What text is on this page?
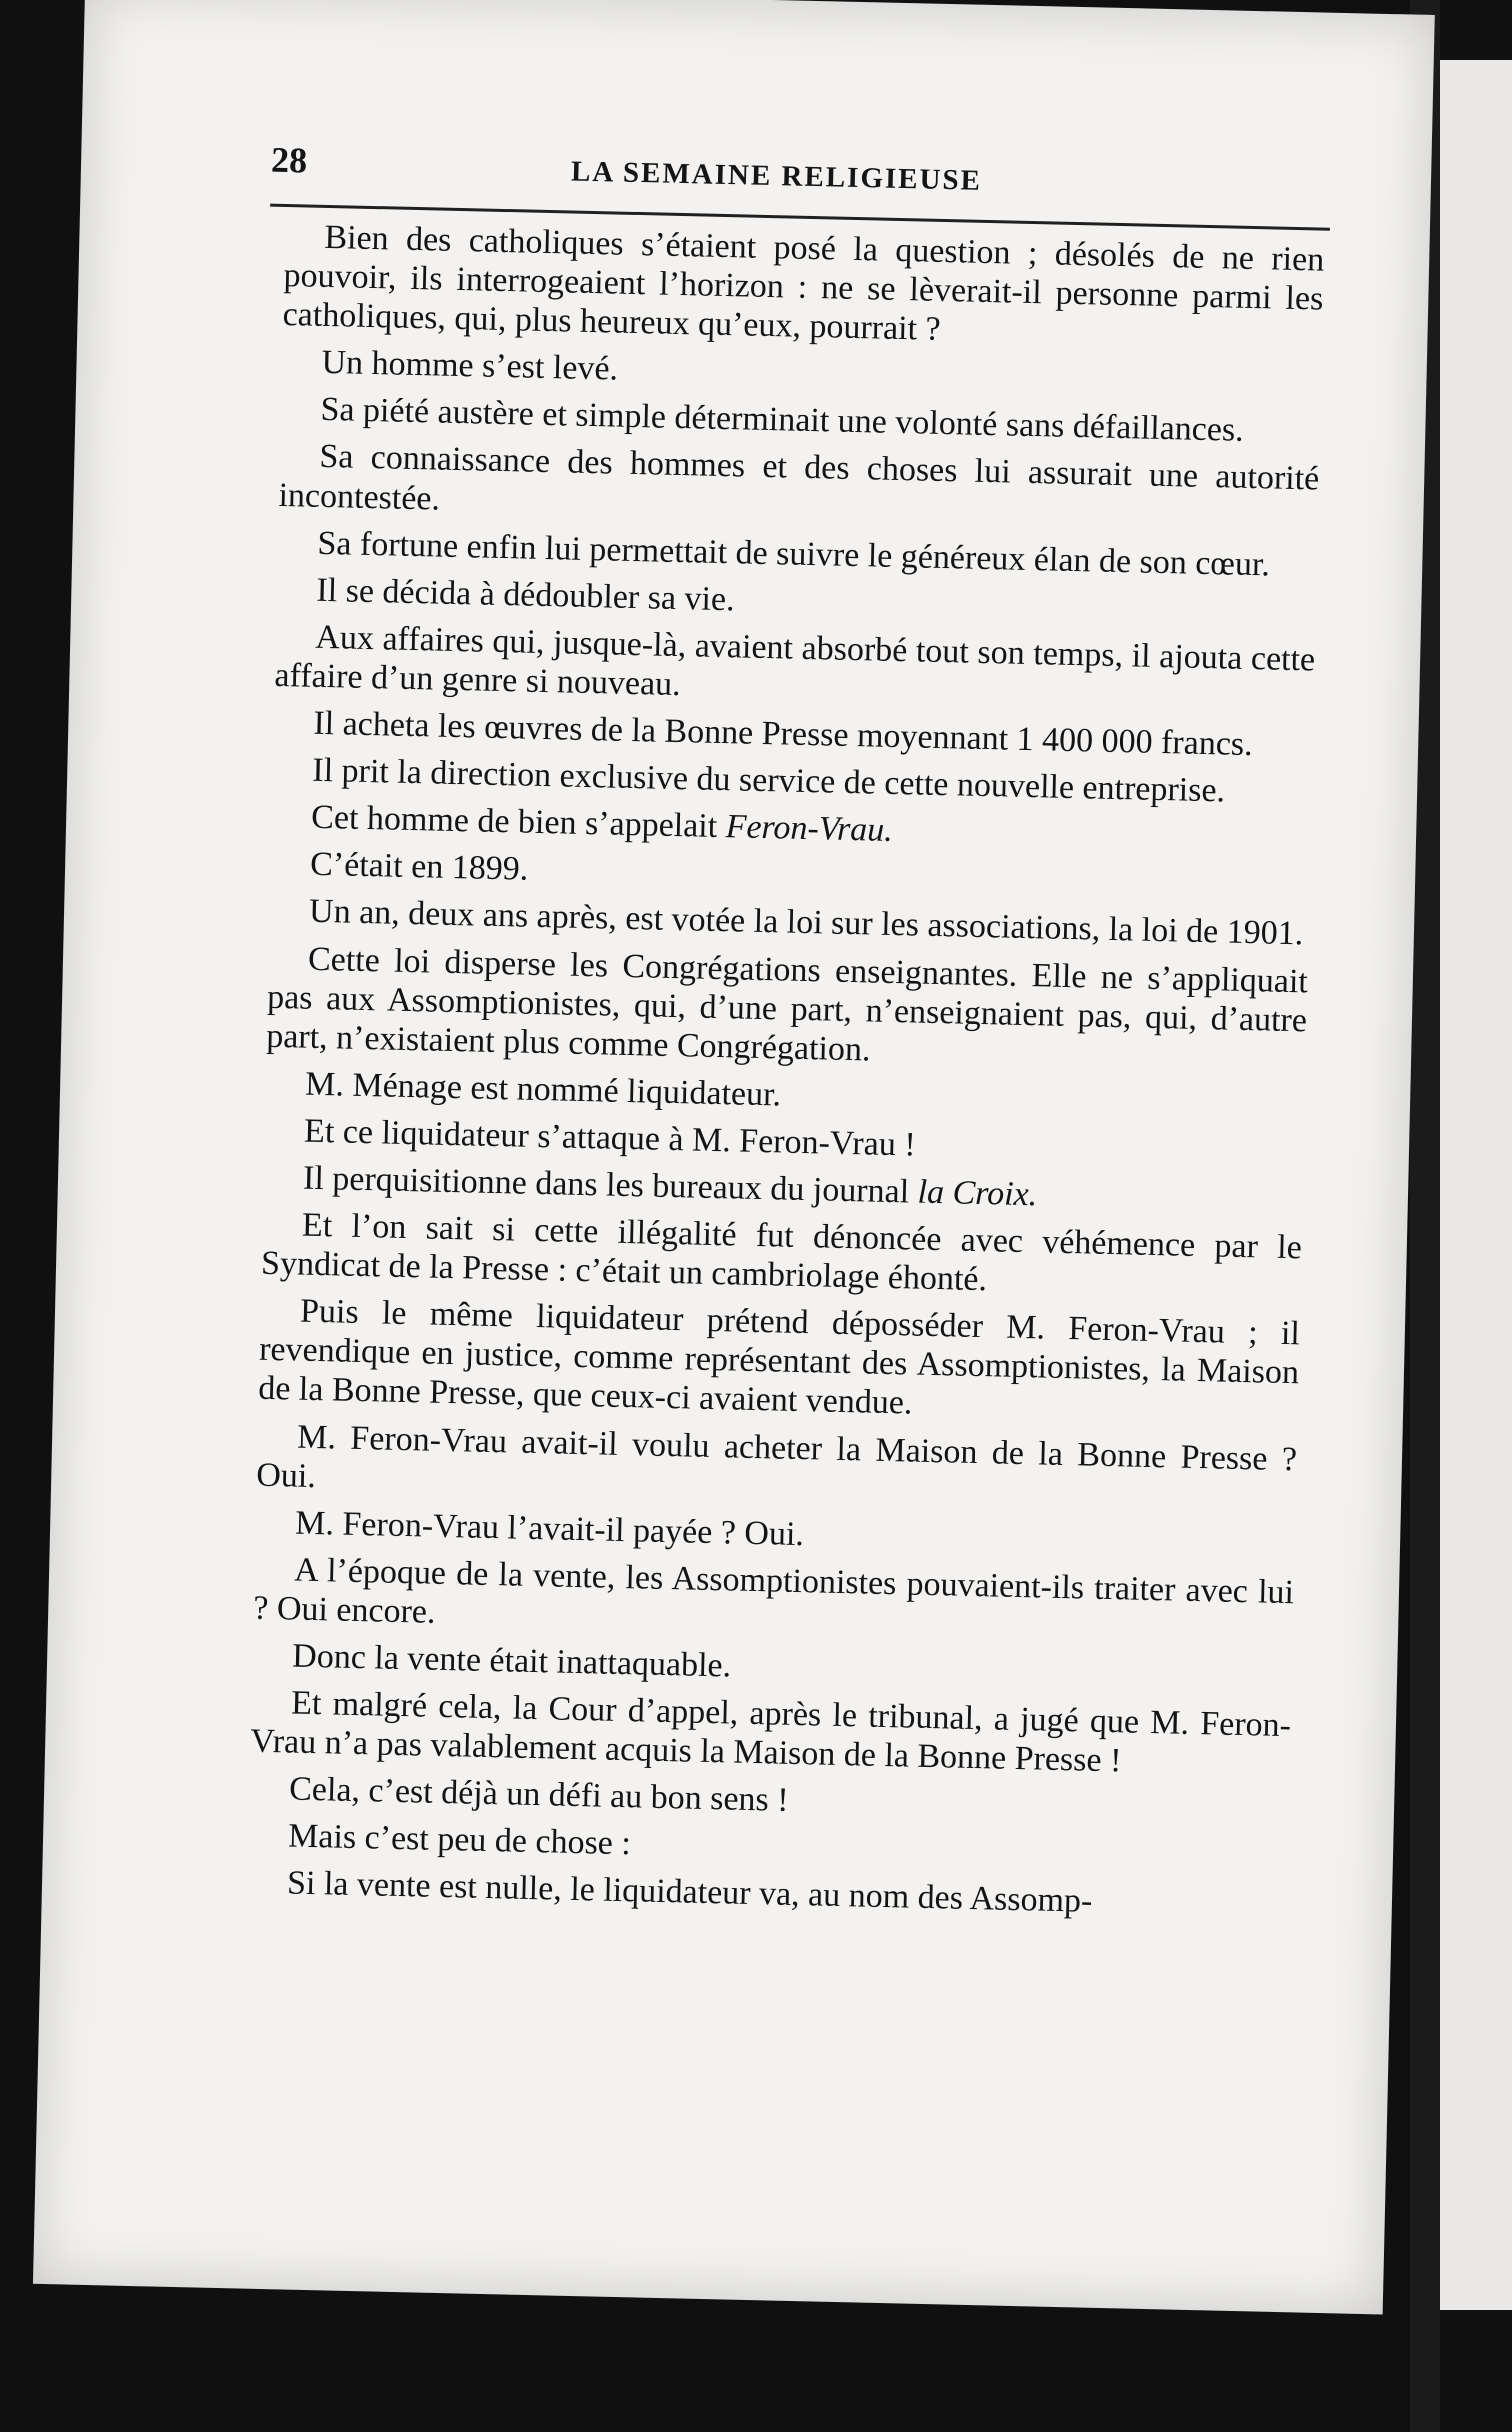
28	LA SEMAINE RELIGIEUSE

Bien des catholiques s’étaient posé la question ; désolés de ne rien pouvoir, ils interrogeaient l’horizon : ne se lèverait-il personne parmi les catholiques, qui, plus heureux qu’eux, pourrait ?

Un homme s’est levé.

Sa piété austère et simple déterminait une volonté sans défaillances.

Sa connaissance des hommes et des choses lui assurait une autorité incontestée.

Sa fortune enfin lui permettait de suivre le généreux élan de son cœur.

Il se décida à dédoubler sa vie.

Aux affaires qui, jusque-là, avaient absorbé tout son temps, il ajouta cette affaire d’un genre si nouveau.

Il acheta les œuvres de la Bonne Presse moyennant 1 400 000 francs.

Il prit la direction exclusive du service de cette nouvelle entreprise.

Cet homme de bien s’appelait Feron-Vrau.

C’était en 1899.

Un an, deux ans après, est votée la loi sur les associations, la loi de 1901.

Cette loi disperse les Congrégations enseignantes. Elle ne s’appliquait pas aux Assomptionistes, qui, d’une part, n’enseignaient pas, qui, d’autre part, n’existaient plus comme Congrégation.

M. Ménage est nommé liquidateur.

Et ce liquidateur s’attaque à M. Feron-Vrau !

Il perquisitionne dans les bureaux du journal la Croix.

Et l’on sait si cette illégalité fut dénoncée avec véhémence par le Syndicat de la Presse : c’était un cambriolage éhonté.

Puis le même liquidateur prétend déposséder M. Feron-Vrau ; il revendique en justice, comme représentant des Assomptionistes, la Maison de la Bonne Presse, que ceux-ci avaient vendue.

M. Feron-Vrau avait-il voulu acheter la Maison de la Bonne Presse ? Oui.

M. Feron-Vrau l’avait-il payée ? Oui.

A l’époque de la vente, les Assomptionistes pouvaient-ils traiter avec lui ? Oui encore.

Donc la vente était inattaquable.

Et malgré cela, la Cour d’appel, après le tribunal, a jugé que M. Feron-Vrau n’a pas valablement acquis la Maison de la Bonne Presse !

Cela, c’est déjà un défi au bon sens !

Mais c’est peu de chose :

Si la vente est nulle, le liquidateur va, au nom des Assomp-
